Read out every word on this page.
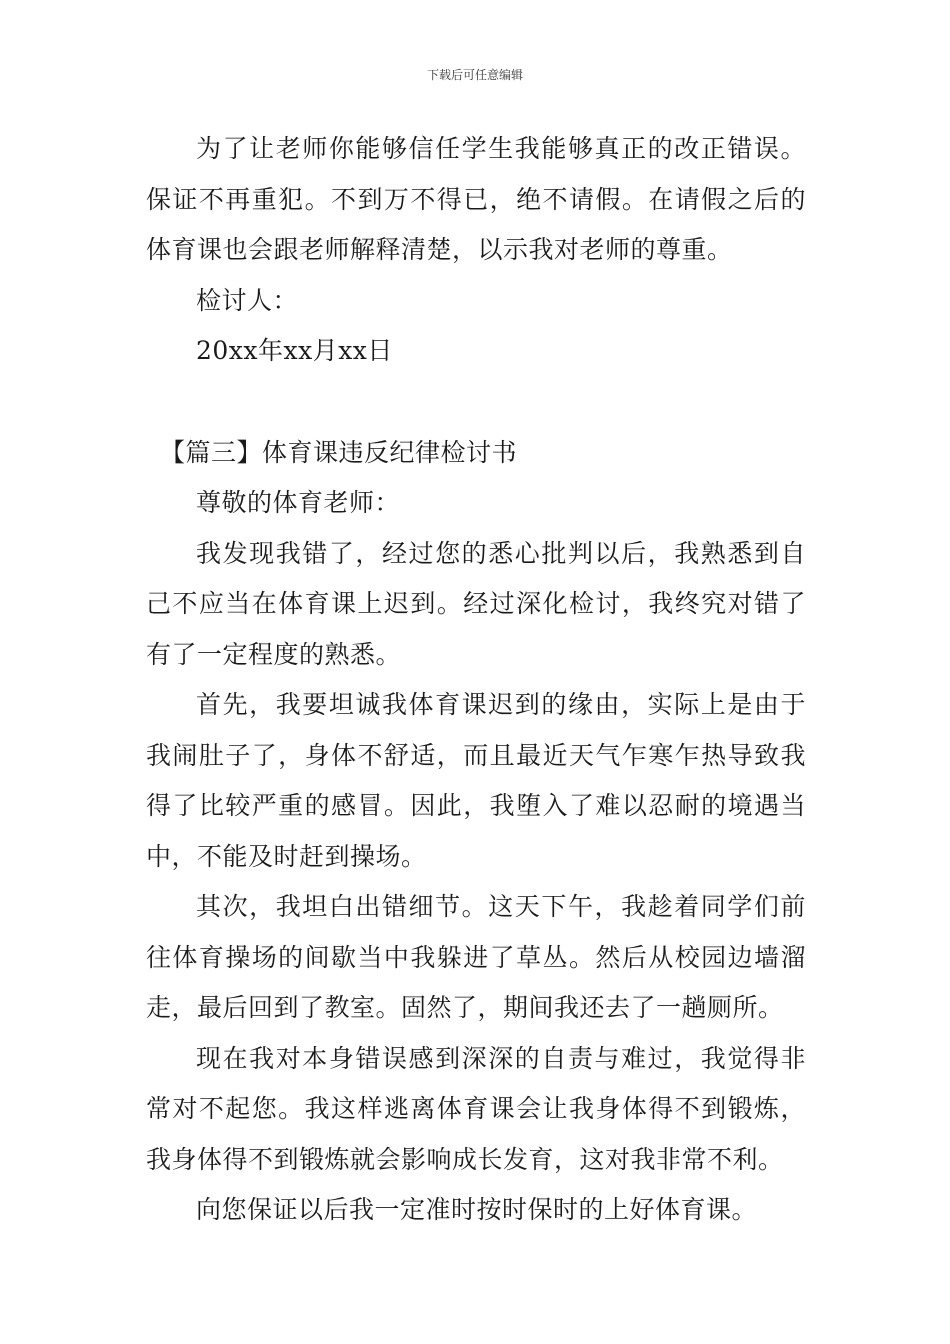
下载后可任意编辑

为了让老师你能够信任学生我能够真正的改正错误。保证不再重犯。不到万不得已，绝不请假。在请假之后的体育课也会跟老师解释清楚，以示我对老师的尊重。

检讨人：

20xx年xx月xx日

【篇三】体育课违反纪律检讨书

尊敬的体育老师：

我发现我错了，经过您的悉心批判以后，我熟悉到自己不应当在体育课上迟到。经过深化检讨，我终究对错了有了一定程度的熟悉。

首先，我要坦诚我体育课迟到的缘由，实际上是由于我闹肚子了，身体不舒适，而且最近天气乍寒乍热导致我得了比较严重的感冒。因此，我堕入了难以忍耐的境遇当中，不能及时赶到操场。

其次，我坦白出错细节。这天下午，我趁着同学们前往体育操场的间歇当中我躲进了草丛。然后从校园边墙溜走，最后回到了教室。固然了，期间我还去了一趟厕所。

现在我对本身错误感到深深的自责与难过，我觉得非常对不起您。我这样逃离体育课会让我身体得不到锻炼，我身体得不到锻炼就会影响成长发育，这对我非常不利。

向您保证以后我一定准时按时保时的上好体育课。
